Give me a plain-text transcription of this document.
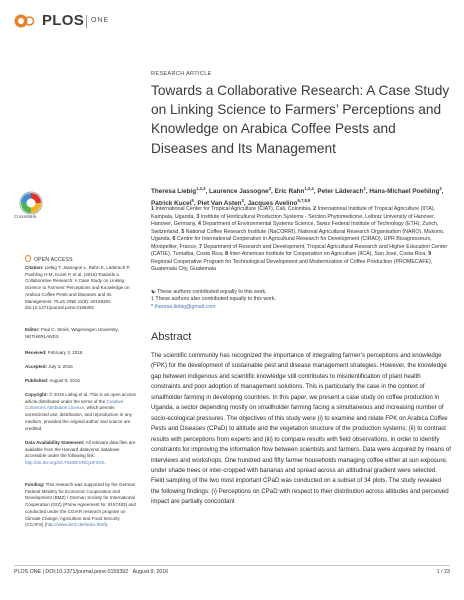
PLOS ONE
RESEARCH ARTICLE
Towards a Collaborative Research: A Case Study on Linking Science to Farmers’ Perceptions and Knowledge on Arabica Coffee Pests and Diseases and Its Management
Theresa Liebig$^{1,2,3}$, Laurence Jassogne$^2$, Eric Rahn$^{1,2,4}$, Peter Läderach$^1$, Hans-Michael Poehling$^3$, Patrick Kucel$^5$, Piet Van Asten$^2$, Jacques Avelino$^{6,7,8,9}$
1 International Center for Tropical Agriculture (CIAT), Cali, Colombia, 2 International Institute of Tropical Agriculture (IITA), Kampala, Uganda, 3 Institute of Horticultural Production Systems - Section Phytomedicine, Leibniz University of Hanover, Hanover, Germany, 4 Department of Environmental Systems Science, Swiss Federal Institute of Technology (ETH), Zurich, Switzerland, 5 National Coffee Research Institute (NaCORRI), National Agricultural Research Organisation (NARO), Mukono, Uganda, 6 Centre for International Cooperation in Agricultural Research for Development (CIRAD), UPR Bioagresseurs, Montpellier, France, 7 Department of Research and Development, Tropical Agricultural Research and Higher Education Center (CATIE), Turrialba, Costa Rica, 8 Inter-American Institute for Cooperation on Agriculture (IICA), San José, Costa Rica, 9 Regional Cooperative Program for Technological Development and Modernization of Coffee Production (PROMECAFE), Guatemala City, Guatemala
☯ These authors contributed equally to this work.
‡ These authors also contributed equally to this work.
* theresa.liebig@gmail.com
Abstract
The scientific community has recognized the importance of integrating farmer’s perceptions and knowledge (FPK) for the development of sustainable pest and disease management strategies. However, the knowledge gap between indigenous and scientific knowledge still contributes to misidentification of plant health constraints and poor adoption of management solutions. This is particularly the case in the context of smallholder farming in developing countries. In this paper, we present a case study on coffee production in Uganda, a sector depending mostly on smallholder farming facing a simultaneous and increasing number of socio-ecological pressures. The objectives of this study were (i) to examine and relate FPK on Arabica Coffee Pests and Diseases (CPaD) to altitude and the vegetation structure of the production systems; (ii) to contrast results with perceptions from experts and (iii) to compare results with field observations, in order to identify constraints for improving the information flow between scientists and farmers. Data were acquired by means of interviews and workshops. One hundred and fifty farmer households managing coffee either at sun exposure, under shade trees or inter-cropped with bananas and spread across an altitudinal gradient were selected. Field sampling of the two most important CPaD was conducted on a subset of 34 plots. The study revealed the following findings: (i) Perceptions on CPaD with respect to their distribution across altitudes and perceived impact are partially concordant
CrossMark
OPEN ACCESS
Citation: Liebig T, Jassogne L, Rahn E, Läderach P, Poehling H-M, Kucel P, et al. (2016) Towards a Collaborative Research: A Case Study on Linking Science to Farmers’ Perceptions and Knowledge on Arabica Coffee Pests and Diseases and Its Management. PLoS ONE 11(8): e0159392. doi:10.1371/journal.pone.0159392
Editor: Paul C. Struik, Wageningen University, NETHERLANDS
Received: February 3, 2016
Accepted: July 3, 2016
Published: August 9, 2016
Copyright: © 2016 Liebig et al. This is an open access article distributed under the terms of the Creative Commons Attribution License, which permits unrestricted use, distribution, and reproduction in any medium, provided the original author and source are credited.
Data Availability Statement: All relevant data files are available from the Harvard dataverse database accessible under the following link: http://dx.doi.org/10.7910/DVN/QUF3VK.
Funding: This research was supported by the German Federal Ministry for Economic Cooperation and Development (BMZ) / German Society for International Cooperation (GIZ) (Prime Agreement Nr. 8157483) and conducted under the CGIAR research program on Climate Change, Agriculture and Food Security (CCAFS) (http://www.bmz.de/index.html).
PLOS ONE | DOI:10.1371/journal.pone.0159392 August 9, 2016	1 / 23
